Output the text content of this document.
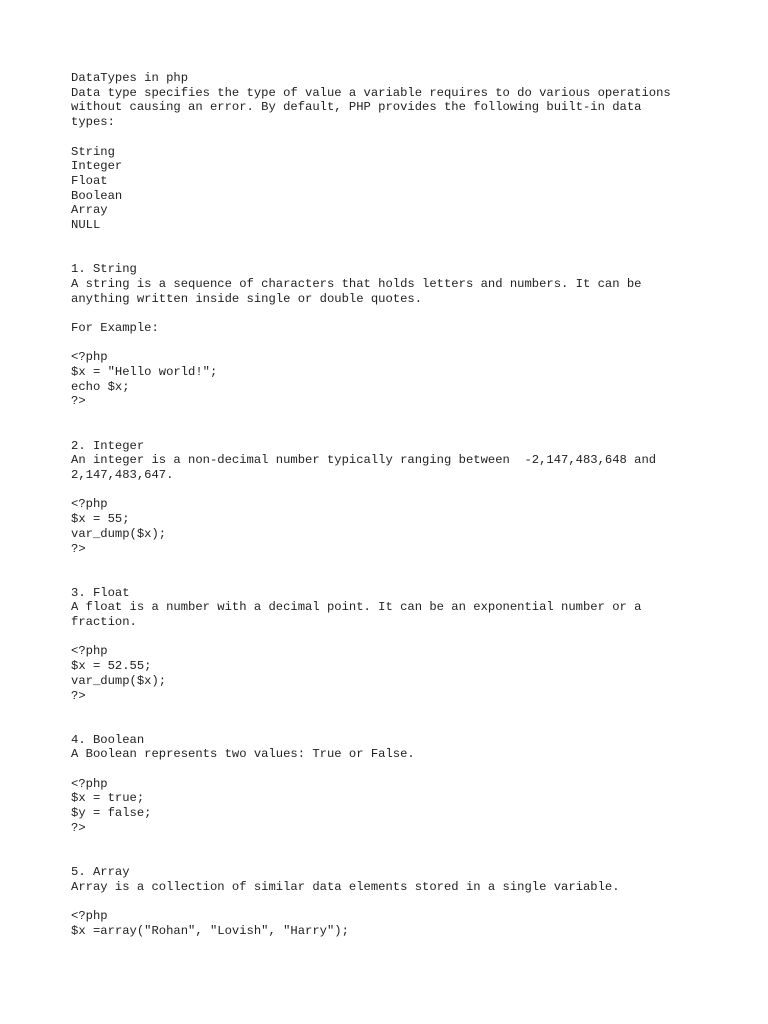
DataTypes in php
Data type specifies the type of value a variable requires to do various operations
without causing an error. By default, PHP provides the following built-in data
types:

String
Integer
Float
Boolean
Array
NULL

1. String
A string is a sequence of characters that holds letters and numbers. It can be
anything written inside single or double quotes.

For Example:

<?php
$x = "Hello world!";
echo $x;
?>

2. Integer
An integer is a non-decimal number typically ranging between  -2,147,483,648 and
2,147,483,647.

<?php
$x = 55;
var_dump($x);
?>

3. Float
A float is a number with a decimal point. It can be an exponential number or a
fraction.

<?php
$x = 52.55;
var_dump($x);
?>

4. Boolean
A Boolean represents two values: True or False.

<?php
$x = true;
$y = false;
?>

5. Array
Array is a collection of similar data elements stored in a single variable.

<?php
$x =array("Rohan", "Lovish", "Harry");
